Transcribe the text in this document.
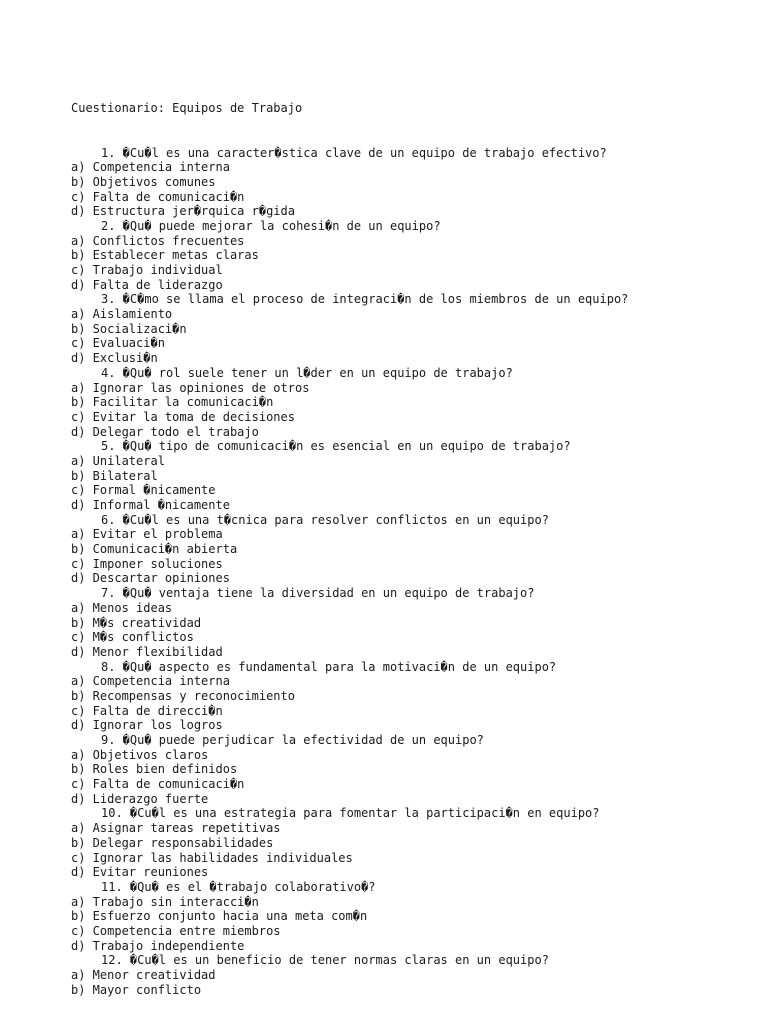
Cuestionario: Equipos de Trabajo

1. �Cu�l es una caracter�stica clave de un equipo de trabajo efectivo?
a) Competencia interna
b) Objetivos comunes
c) Falta de comunicaci�n
d) Estructura jer�rquica r�gida
2. �Qu� puede mejorar la cohesi�n de un equipo?
a) Conflictos frecuentes
b) Establecer metas claras
c) Trabajo individual
d) Falta de liderazgo
3. �C�mo se llama el proceso de integraci�n de los miembros de un equipo?
a) Aislamiento
b) Socializaci�n
c) Evaluaci�n
d) Exclusi�n
4. �Qu� rol suele tener un l�der en un equipo de trabajo?
a) Ignorar las opiniones de otros
b) Facilitar la comunicaci�n
c) Evitar la toma de decisiones
d) Delegar todo el trabajo
5. �Qu� tipo de comunicaci�n es esencial en un equipo de trabajo?
a) Unilateral
b) Bilateral
c) Formal �nicamente
d) Informal �nicamente
6. �Cu�l es una t�cnica para resolver conflictos en un equipo?
a) Evitar el problema
b) Comunicaci�n abierta
c) Imponer soluciones
d) Descartar opiniones
7. �Qu� ventaja tiene la diversidad en un equipo de trabajo?
a) Menos ideas
b) M�s creatividad
c) M�s conflictos
d) Menor flexibilidad
8. �Qu� aspecto es fundamental para la motivaci�n de un equipo?
a) Competencia interna
b) Recompensas y reconocimiento
c) Falta de direcci�n
d) Ignorar los logros
9. �Qu� puede perjudicar la efectividad de un equipo?
a) Objetivos claros
b) Roles bien definidos
c) Falta de comunicaci�n
d) Liderazgo fuerte
10. �Cu�l es una estrategia para fomentar la participaci�n en equipo?
a) Asignar tareas repetitivas
b) Delegar responsabilidades
c) Ignorar las habilidades individuales
d) Evitar reuniones
11. �Qu� es el �trabajo colaborativo�?
a) Trabajo sin interacci�n
b) Esfuerzo conjunto hacia una meta com�n
c) Competencia entre miembros
d) Trabajo independiente
12. �Cu�l es un beneficio de tener normas claras en un equipo?
a) Menor creatividad
b) Mayor conflicto
